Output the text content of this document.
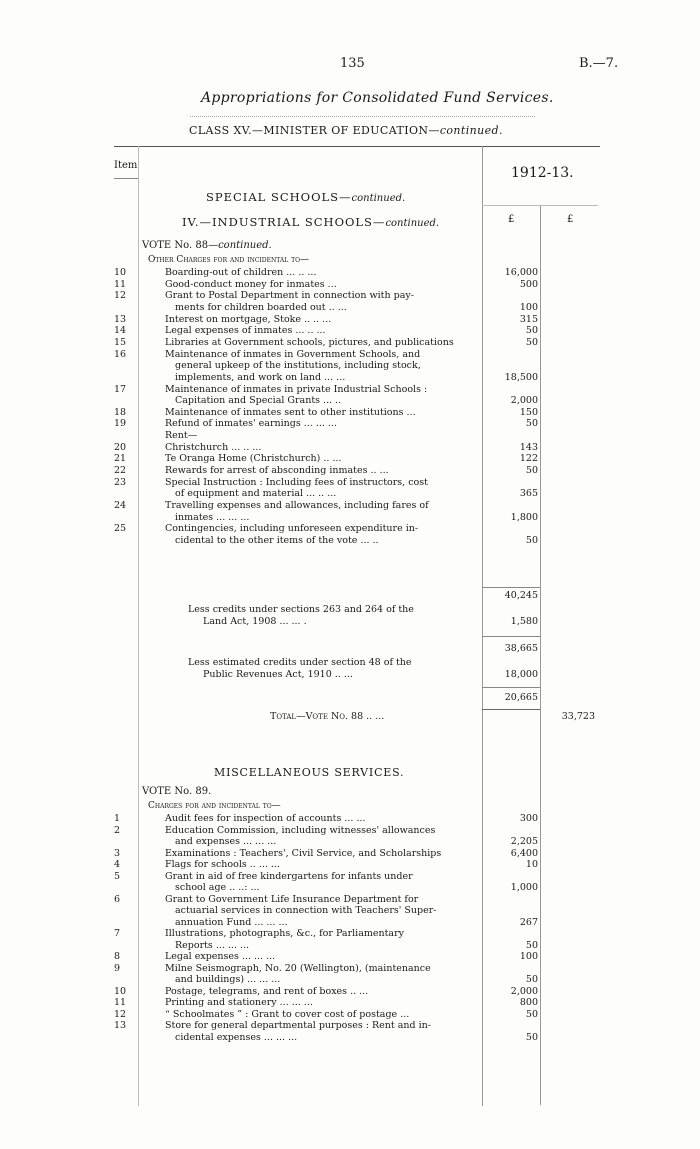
135	B.—7.
Appropriations for Consolidated Fund Services.
CLASS XV.—MINISTER OF EDUCATION—continued.
Item	1912-13.
£	£
SPECIAL SCHOOLS—continued.
IV.—INDUSTRIAL SCHOOLS—continued.
VOTE No. 88—continued.
Other Charges for and incidental to—
10	Boarding-out of children ... .. ...	16,000
11	Good-conduct money for inmates ...	500
12	Grant to Postal Department in connection with pay-
ments for children boarded out .. ...	100
13	Interest on mortgage, Stoke .. .. ...	315
14	Legal expenses of inmates ... .. ...	50
15	Libraries at Government schools, pictures, and publications	50
16	Maintenance of inmates in Government Schools, and
general upkeep of the institutions, including stock,
implements, and work on land ... ...	18,500
17	Maintenance of inmates in private Industrial Schools :
Capitation and Special Grants ... ..	2,000
18	Maintenance of inmates sent to other institutions ...	150
19	Refund of inmates' earnings ... ... ...	50
Rent—
20	Christchurch ... .. ...	143
21	Te Oranga Home (Christchurch) .. ...	122
22	Rewards for arrest of absconding inmates .. ...	50
23	Special Instruction : Including fees of instructors, cost
of equipment and material ... .. ...	365
24	Travelling expenses and allowances, including fares of
inmates ... ... ...	1,800
25	Contingencies, including unforeseen expenditure in-
cidental to the other items of the vote ... ..	50
40,245
Less credits under sections 263 and 264 of the
Land Act, 1908 ... ... .	1,580
38,665
Less estimated credits under section 48 of the
Public Revenues Act, 1910 .. ...	18,000
20,665
Total—Vote No. 88 .. ...	33,723
MISCELLANEOUS SERVICES.
VOTE No. 89.
Charges for and incidental to—
1	Audit fees for inspection of accounts ... ...	300
2	Education Commission, including witnesses' allowances
and expenses ... ... ...	2,205
3	Examinations : Teachers', Civil Service, and Scholarships	6,400
4	Flags for schools .. ... ...	10
5	Grant in aid of free kindergartens for infants under
school age .. ..: ...	1,000
6	Grant to Government Life Insurance Department for
actuarial services in connection with Teachers' Super-
annuation Fund ... ... ...	267
7	Illustrations, photographs, &c., for Parliamentary
Reports ... ... ...	50
8	Legal expenses ... ... ...	100
9	Milne Seismograph, No. 20 (Wellington), (maintenance
and buildings) ... ... ...	50
10	Postage, telegrams, and rent of boxes .. ...	2,000
11	Printing and stationery ... ... ...	800
12	“ Schoolmates ” : Grant to cover cost of postage ...	50
13	Store for general departmental purposes : Rent and in-
cidental expenses ... ... ...	50
